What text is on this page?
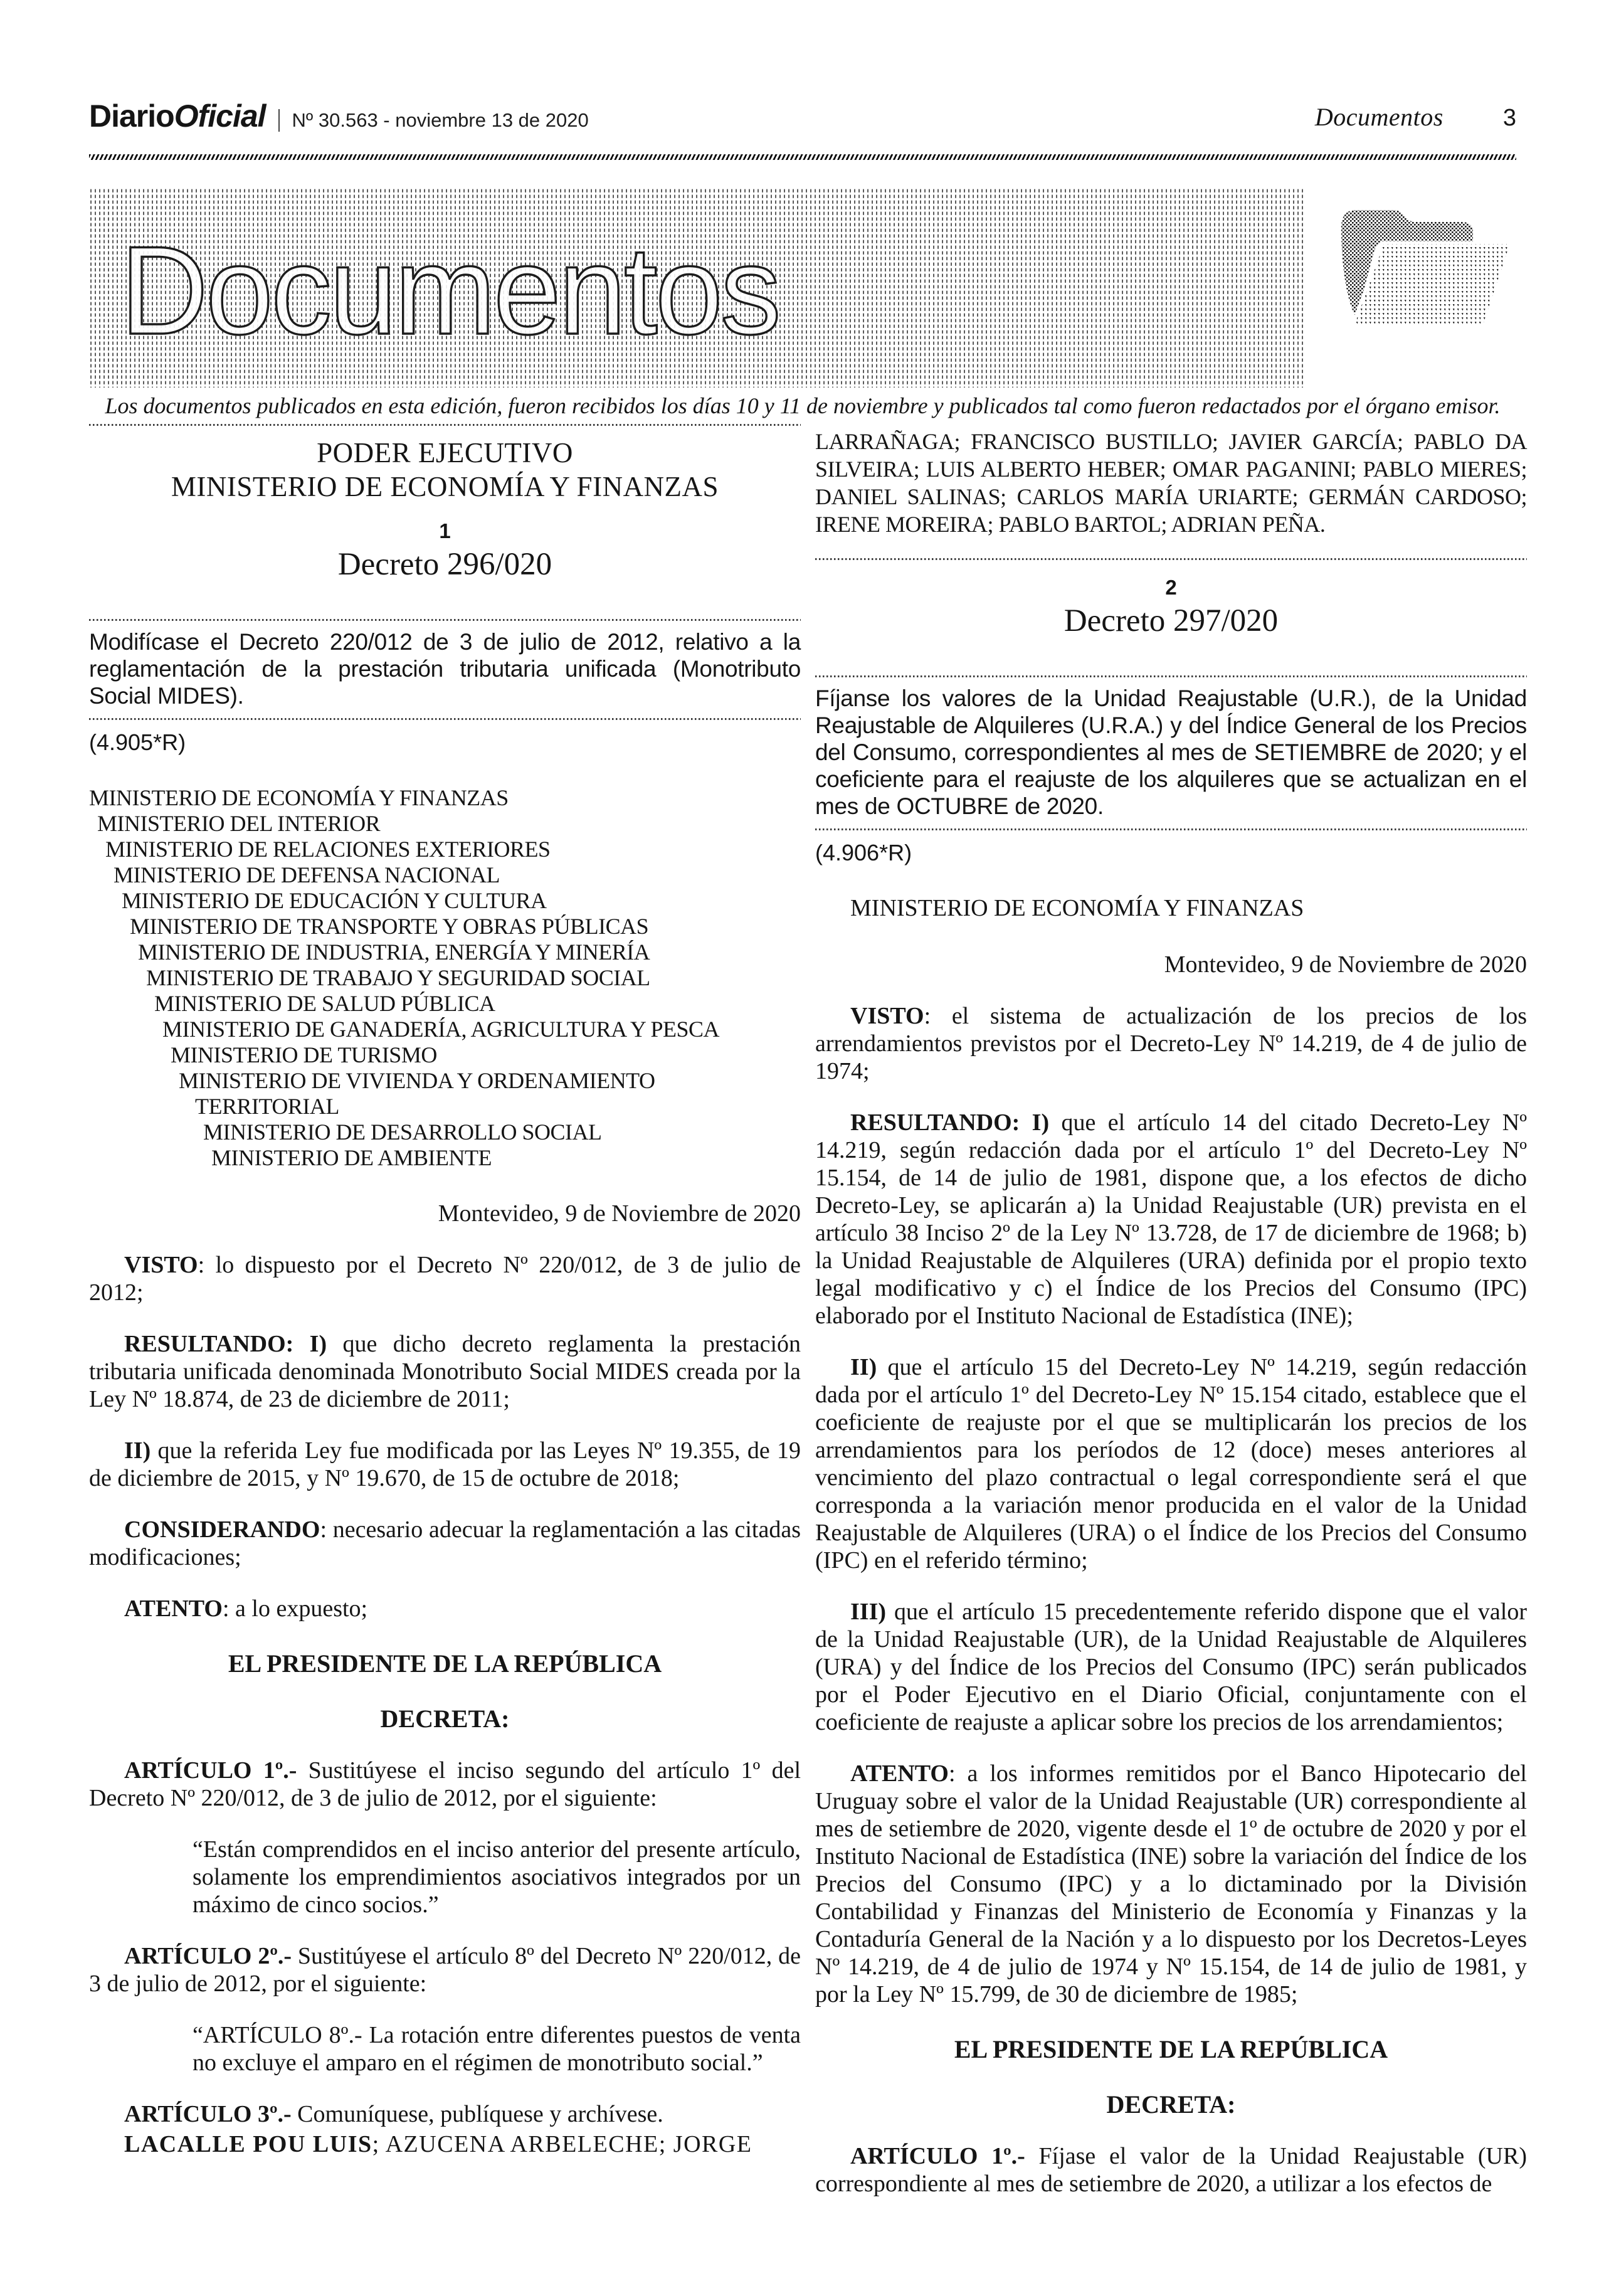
DiarioOficial	Nº 30.563 - noviembre 13 de 2020	Documentos	3
Documentos
Los documentos publicados en esta edición, fueron recibidos los días 10 y 11 de noviembre y publicados tal como fueron redactados por el órgano emisor.
PODER EJECUTIVO
MINISTERIO DE ECONOMÍA Y FINANZAS
1
Decreto 296/020

Modifícase el Decreto 220/012 de 3 de julio de 2012, relativo a la reglamentación de la prestación tributaria unificada (Monotributo Social MIDES).

(4.905*R)
MINISTERIO DE ECONOMÍA Y FINANZAS
MINISTERIO DEL INTERIOR
MINISTERIO DE RELACIONES EXTERIORES
MINISTERIO DE DEFENSA NACIONAL
MINISTERIO DE EDUCACIÓN Y CULTURA
MINISTERIO DE TRANSPORTE Y OBRAS PÚBLICAS
MINISTERIO DE INDUSTRIA, ENERGÍA Y MINERÍA
MINISTERIO DE TRABAJO Y SEGURIDAD SOCIAL
MINISTERIO DE SALUD PÚBLICA
MINISTERIO DE GANADERÍA, AGRICULTURA Y PESCA
MINISTERIO DE TURISMO
MINISTERIO DE VIVIENDA Y ORDENAMIENTO
TERRITORIAL
MINISTERIO DE DESARROLLO SOCIAL
MINISTERIO DE AMBIENTE
Montevideo, 9 de Noviembre de 2020

VISTO: lo dispuesto por el Decreto Nº 220/012, de 3 de julio de 2012;

RESULTANDO: I) que dicho decreto reglamenta la prestación tributaria unificada denominada Monotributo Social MIDES creada por la Ley Nº 18.874, de 23 de diciembre de 2011;

II) que la referida Ley fue modificada por las Leyes Nº 19.355, de 19 de diciembre de 2015, y Nº 19.670, de 15 de octubre de 2018;

CONSIDERANDO: necesario adecuar la reglamentación a las citadas modificaciones;

ATENTO: a lo expuesto;

EL PRESIDENTE DE LA REPÚBLICA
DECRETA:

ARTÍCULO 1º.- Sustitúyese el inciso segundo del artículo 1º del Decreto Nº 220/012, de 3 de julio de 2012, por el siguiente:

“Están comprendidos en el inciso anterior del presente artículo, solamente los emprendimientos asociativos integrados por un máximo de cinco socios.”

ARTÍCULO 2º.- Sustitúyese el artículo 8º del Decreto Nº 220/012, de 3 de julio de 2012, por el siguiente:

“ARTÍCULO 8º.- La rotación entre diferentes puestos de venta no excluye el amparo en el régimen de monotributo social.”

ARTÍCULO 3º.- Comuníquese, publíquese y archívese.

LACALLE POU LUIS; AZUCENA ARBELECHE; JORGE

LARRAÑAGA; FRANCISCO BUSTILLO; JAVIER GARCÍA; PABLO DA SILVEIRA; LUIS ALBERTO HEBER; OMAR PAGANINI; PABLO MIERES; DANIEL SALINAS; CARLOS MARÍA URIARTE; GERMÁN CARDOSO; IRENE MOREIRA; PABLO BARTOL; ADRIAN PEÑA.

2
Decreto 297/020

Fíjanse los valores de la Unidad Reajustable (U.R.), de la Unidad Reajustable de Alquileres (U.R.A.) y del Índice General de los Precios del Consumo, correspondientes al mes de SETIEMBRE de 2020; y el coeficiente para el reajuste de los alquileres que se actualizan en el mes de OCTUBRE de 2020.

(4.906*R)
MINISTERIO DE ECONOMÍA Y FINANZAS
Montevideo, 9 de Noviembre de 2020

VISTO: el sistema de actualización de los precios de los arrendamientos previstos por el Decreto-Ley Nº 14.219, de 4 de julio de 1974;

RESULTANDO: I) que el artículo 14 del citado Decreto-Ley Nº 14.219, según redacción dada por el artículo 1º del Decreto-Ley Nº 15.154, de 14 de julio de 1981, dispone que, a los efectos de dicho Decreto-Ley, se aplicarán a) la Unidad Reajustable (UR) prevista en el artículo 38 Inciso 2º de la Ley Nº 13.728, de 17 de diciembre de 1968; b) la Unidad Reajustable de Alquileres (URA) definida por el propio texto legal modificativo y c) el Índice de los Precios del Consumo (IPC) elaborado por el Instituto Nacional de Estadística (INE);

II) que el artículo 15 del Decreto-Ley Nº 14.219, según redacción dada por el artículo 1º del Decreto-Ley Nº 15.154 citado, establece que el coeficiente de reajuste por el que se multiplicarán los precios de los arrendamientos para los períodos de 12 (doce) meses anteriores al vencimiento del plazo contractual o legal correspondiente será el que corresponda a la variación menor producida en el valor de la Unidad Reajustable de Alquileres (URA) o el Índice de los Precios del Consumo (IPC) en el referido término;

III) que el artículo 15 precedentemente referido dispone que el valor de la Unidad Reajustable (UR), de la Unidad Reajustable de Alquileres (URA) y del Índice de los Precios del Consumo (IPC) serán publicados por el Poder Ejecutivo en el Diario Oficial, conjuntamente con el coeficiente de reajuste a aplicar sobre los precios de los arrendamientos;

ATENTO: a los informes remitidos por el Banco Hipotecario del Uruguay sobre el valor de la Unidad Reajustable (UR) correspondiente al mes de setiembre de 2020, vigente desde el 1º de octubre de 2020 y por el Instituto Nacional de Estadística (INE) sobre la variación del Índice de los Precios del Consumo (IPC) y a lo dictaminado por la División Contabilidad y Finanzas del Ministerio de Economía y Finanzas y la Contaduría General de la Nación y a lo dispuesto por los Decretos-Leyes Nº 14.219, de 4 de julio de 1974 y Nº 15.154, de 14 de julio de 1981, y por la Ley Nº 15.799, de 30 de diciembre de 1985;

EL PRESIDENTE DE LA REPÚBLICA
DECRETA:

ARTÍCULO 1º.- Fíjase el valor de la Unidad Reajustable (UR) correspondiente al mes de setiembre de 2020, a utilizar a los efectos de
